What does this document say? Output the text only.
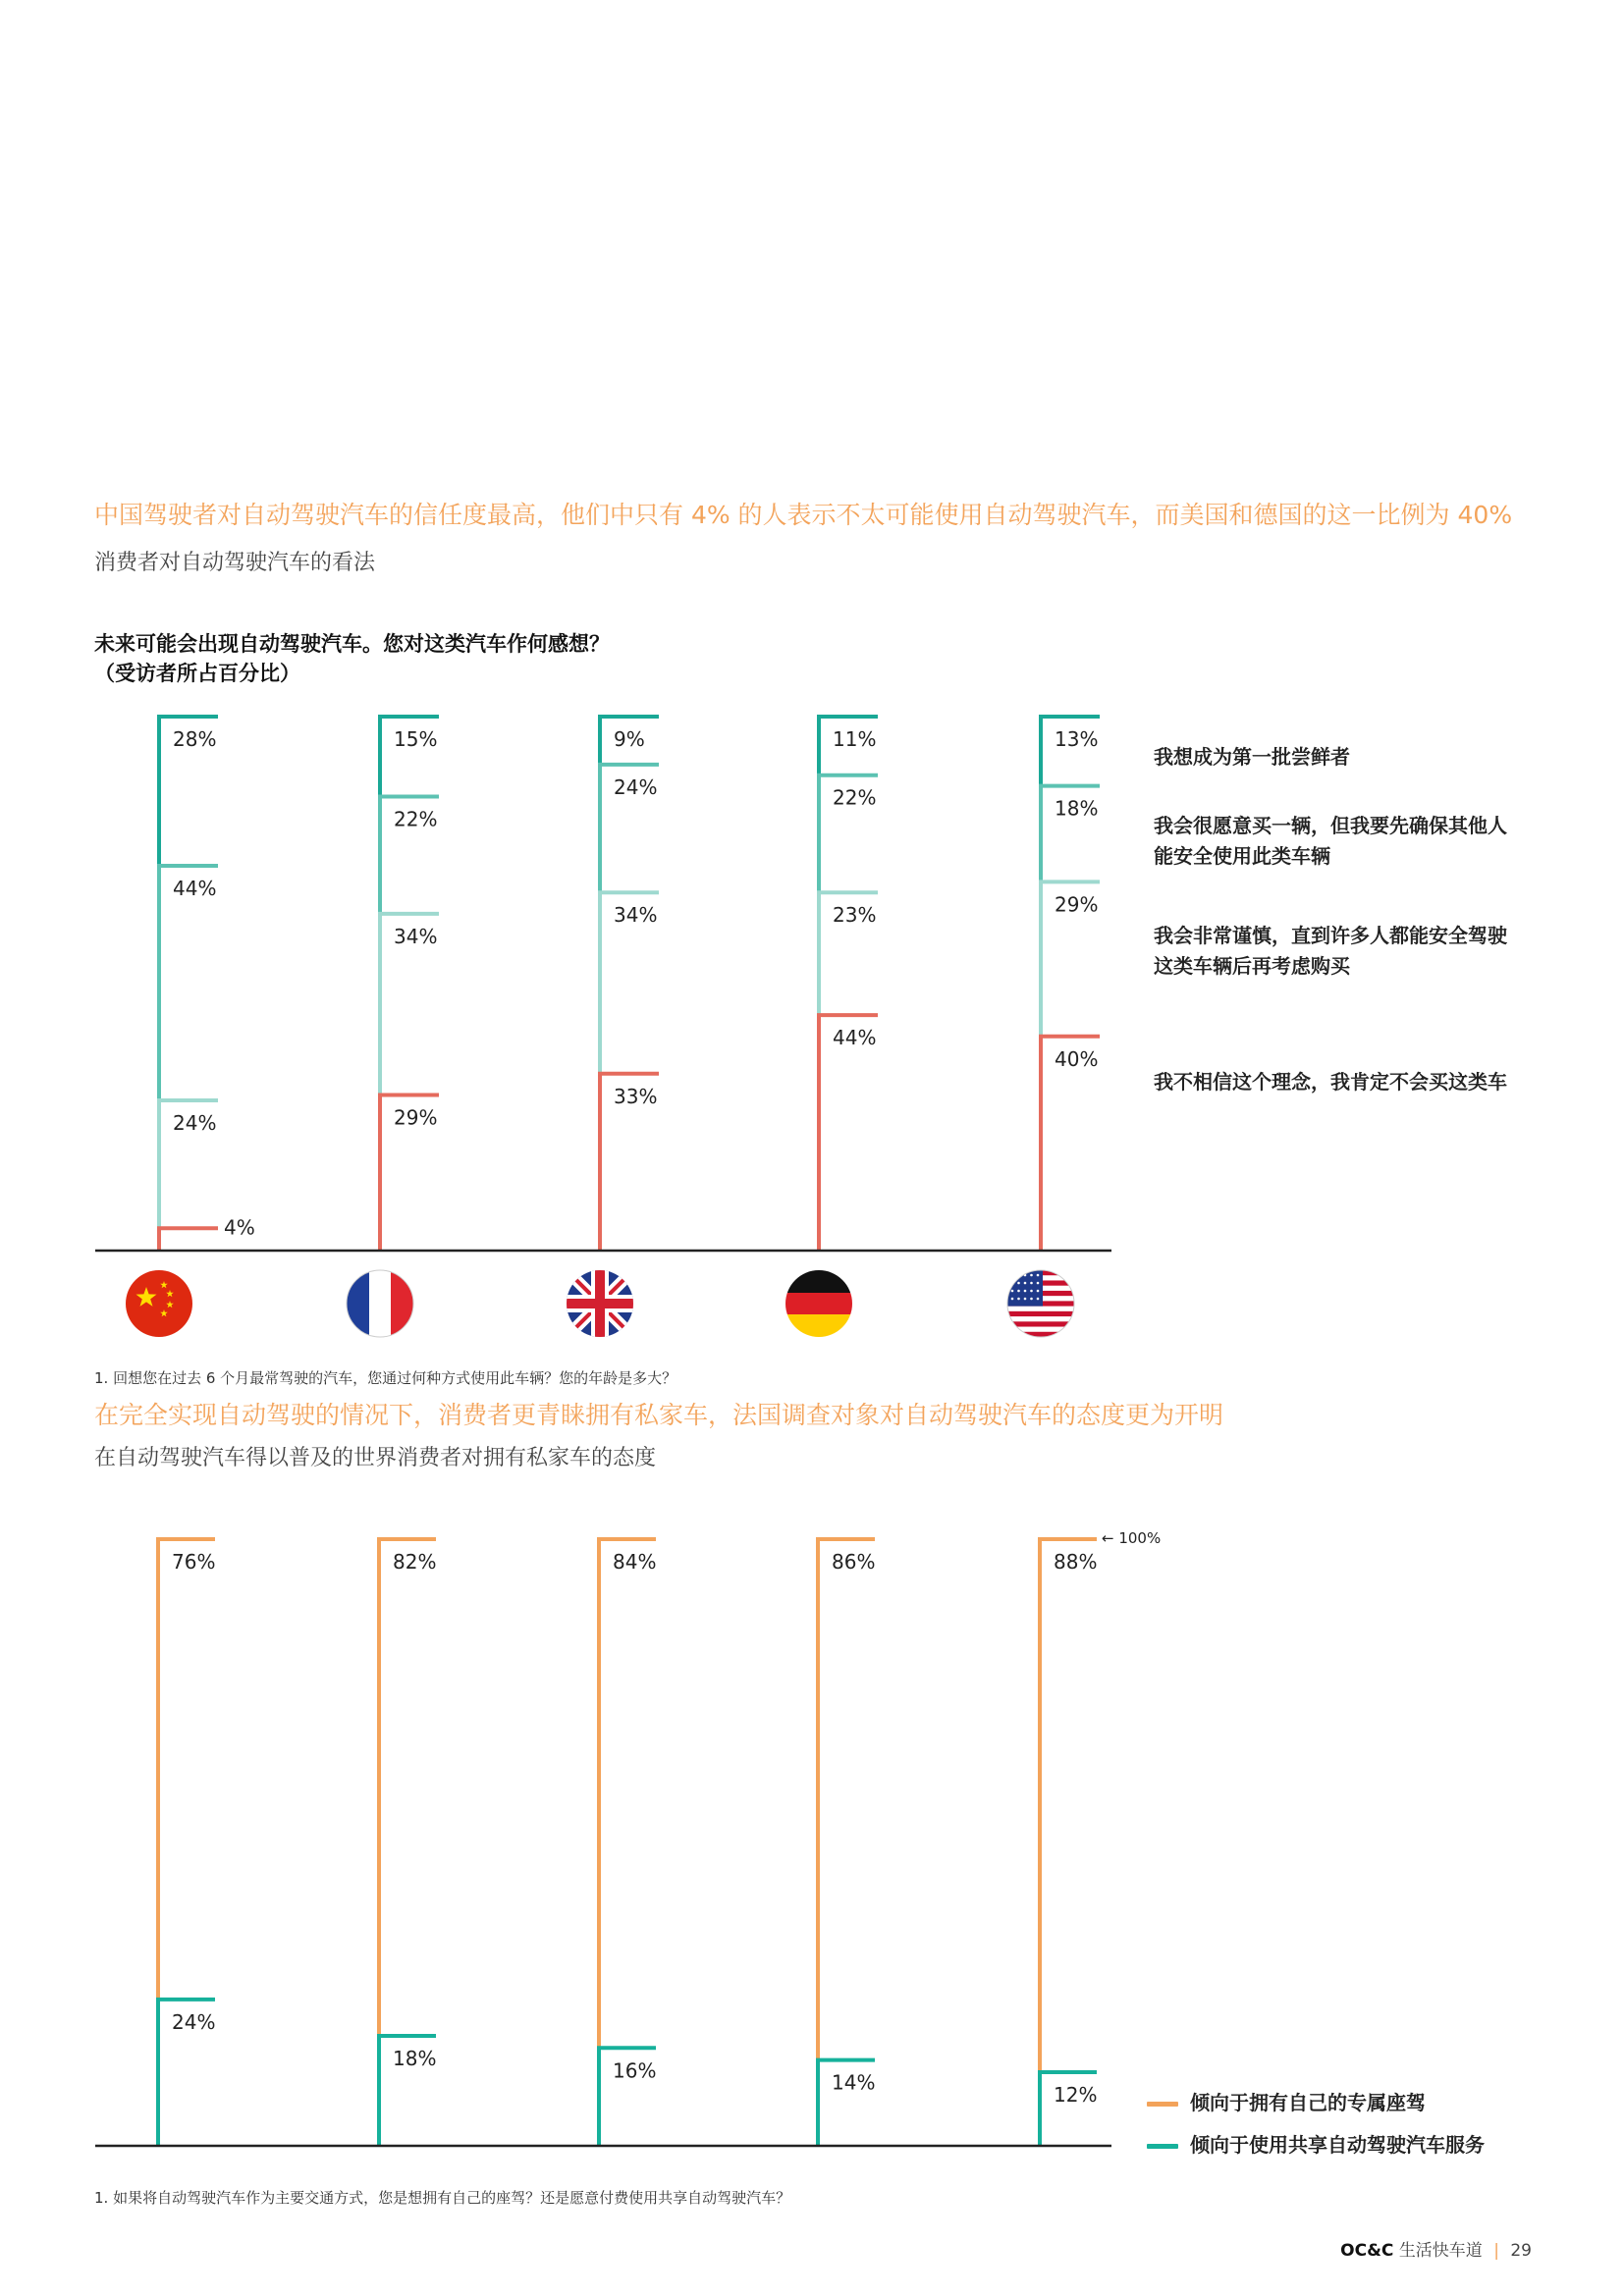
中国驾驶者对自动驾驶汽车的信任度最高，他们中只有 4% 的人表示不太可能使用自动驾驶汽车，而美国和德国的这一比例为 40%
消费者对自动驾驶汽车的看法
未来可能会出现自动驾驶汽车。您对这类汽车作何感想？
（受访者所占百分比）
28%
44%
24%
4%
15%
22%
34%
29%
9%
24%
34%
33%
11%
22%
23%
44%
13%
18%
29%
40%
我想成为第一批尝鲜者
我会很愿意买一辆，但我要先确保其他人
能安全使用此类车辆
我会非常谨慎，直到许多人都能安全驾驶
这类车辆后再考虑购买
我不相信这个理念，我肯定不会买这类车
1. 回想您在过去 6 个月最常驾驶的汽车，您通过何种方式使用此车辆？您的年龄是多大？
在完全实现自动驾驶的情况下，消费者更青睐拥有私家车，法国调查对象对自动驾驶汽车的态度更为开明
在自动驾驶汽车得以普及的世界消费者对拥有私家车的态度
76%
24%
82%
18%
84%
16%
86%
14%
88%
12%
← 100%
倾向于拥有自己的专属座驾
倾向于使用共享自动驾驶汽车服务
1. 如果将自动驾驶汽车作为主要交通方式，您是想拥有自己的座驾？还是愿意付费使用共享自动驾驶汽车？
OC&C 生活快车道 | 29
